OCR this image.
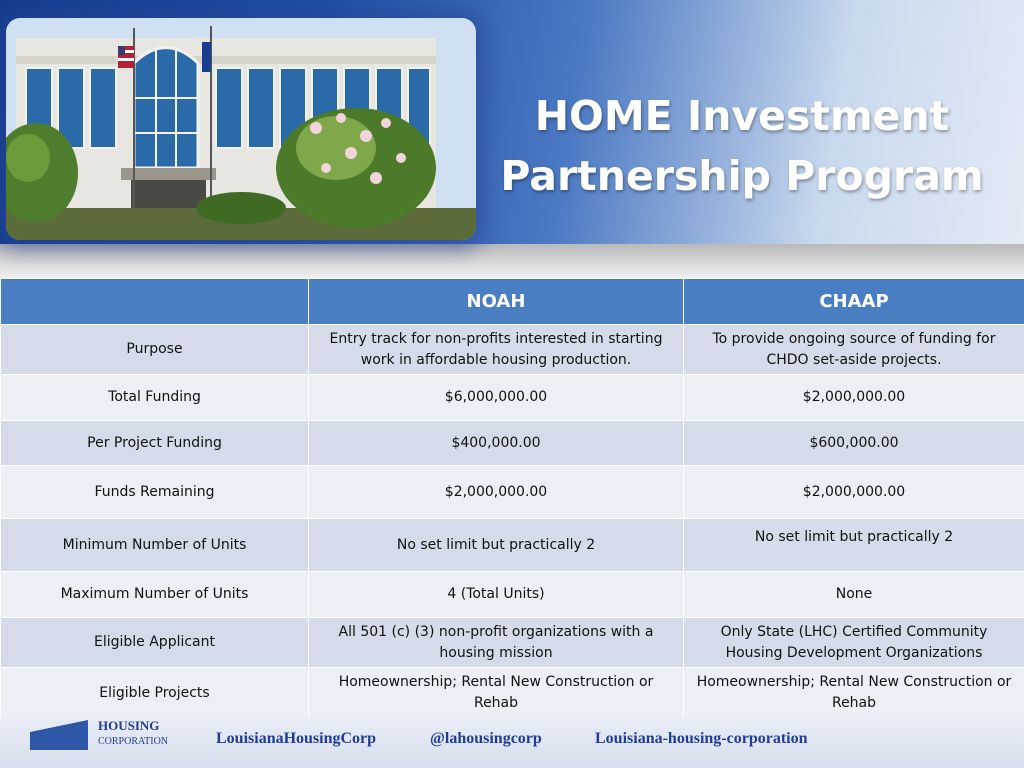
HOME Investment
Partnership Program
	NOAH	CHAAP
Purpose	Entry track for non-profits interested in starting work in affordable housing production.	To provide ongoing source of funding for CHDO set-aside projects.
Total Funding	$6,000,000.00	$2,000,000.00
Per Project Funding	$400,000.00	$600,000.00
Funds Remaining	$2,000,000.00	$2,000,000.00
Minimum Number of Units	No set limit but practically 2	No set limit but practically 2
Maximum Number of Units	4 (Total Units)	None
Eligible Applicant	All 501 (c) (3) non-profit organizations with a housing mission	Only State (LHC) Certified Community Housing Development Organizations
Eligible Projects	Homeownership; Rental New Construction or Rehab	Homeownership; Rental New Construction or Rehab
HOUSING
CORPORATION	LouisianaHousingCorp	@lahousingcorp	Louisiana-housing-corporation
